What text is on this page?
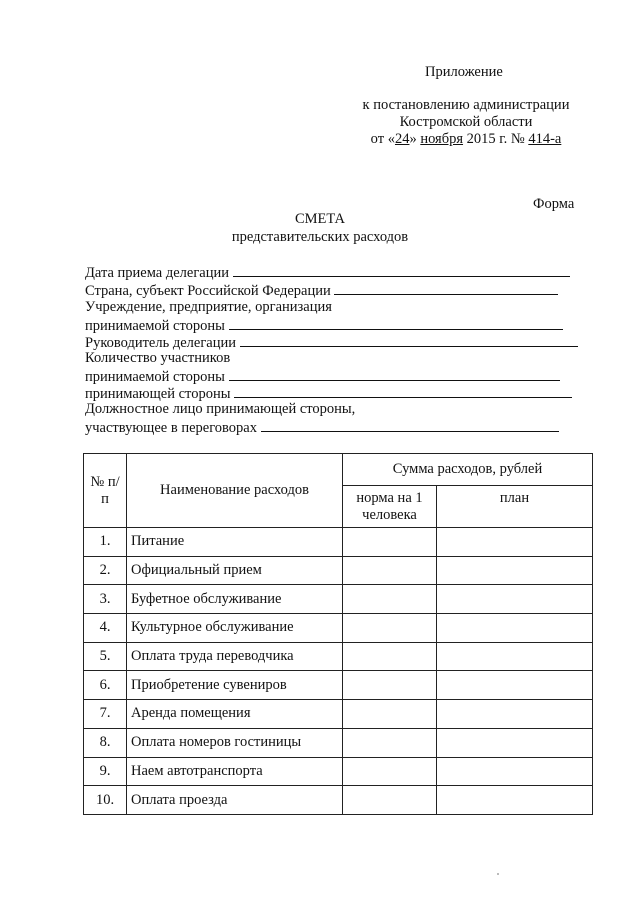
Приложение
к постановлению администрации
Костромской области
от «24» ноября 2015 г. № 414-а
Форма
СМЕТА
представительских расходов
Дата приема делегации
Страна, субъект Российской Федерации
Учреждение, предприятие, организация
принимаемой стороны
Руководитель делегации
Количество участников
принимаемой стороны
принимающей стороны
Должностное лицо принимающей стороны,
участвующее в переговорах
№ п/п	Наименование расходов	Сумма расходов, рублей	
		норма на 1 человека	план
1.	Питание		
2.	Официальный прием		
3.	Буфетное обслуживание		
4.	Культурное обслуживание		
5.	Оплата труда переводчика		
6.	Приобретение сувениров		
7.	Аренда помещения		
8.	Оплата номеров гостиницы		
9.	Наем автотранспорта		
10.	Оплата проезда		
